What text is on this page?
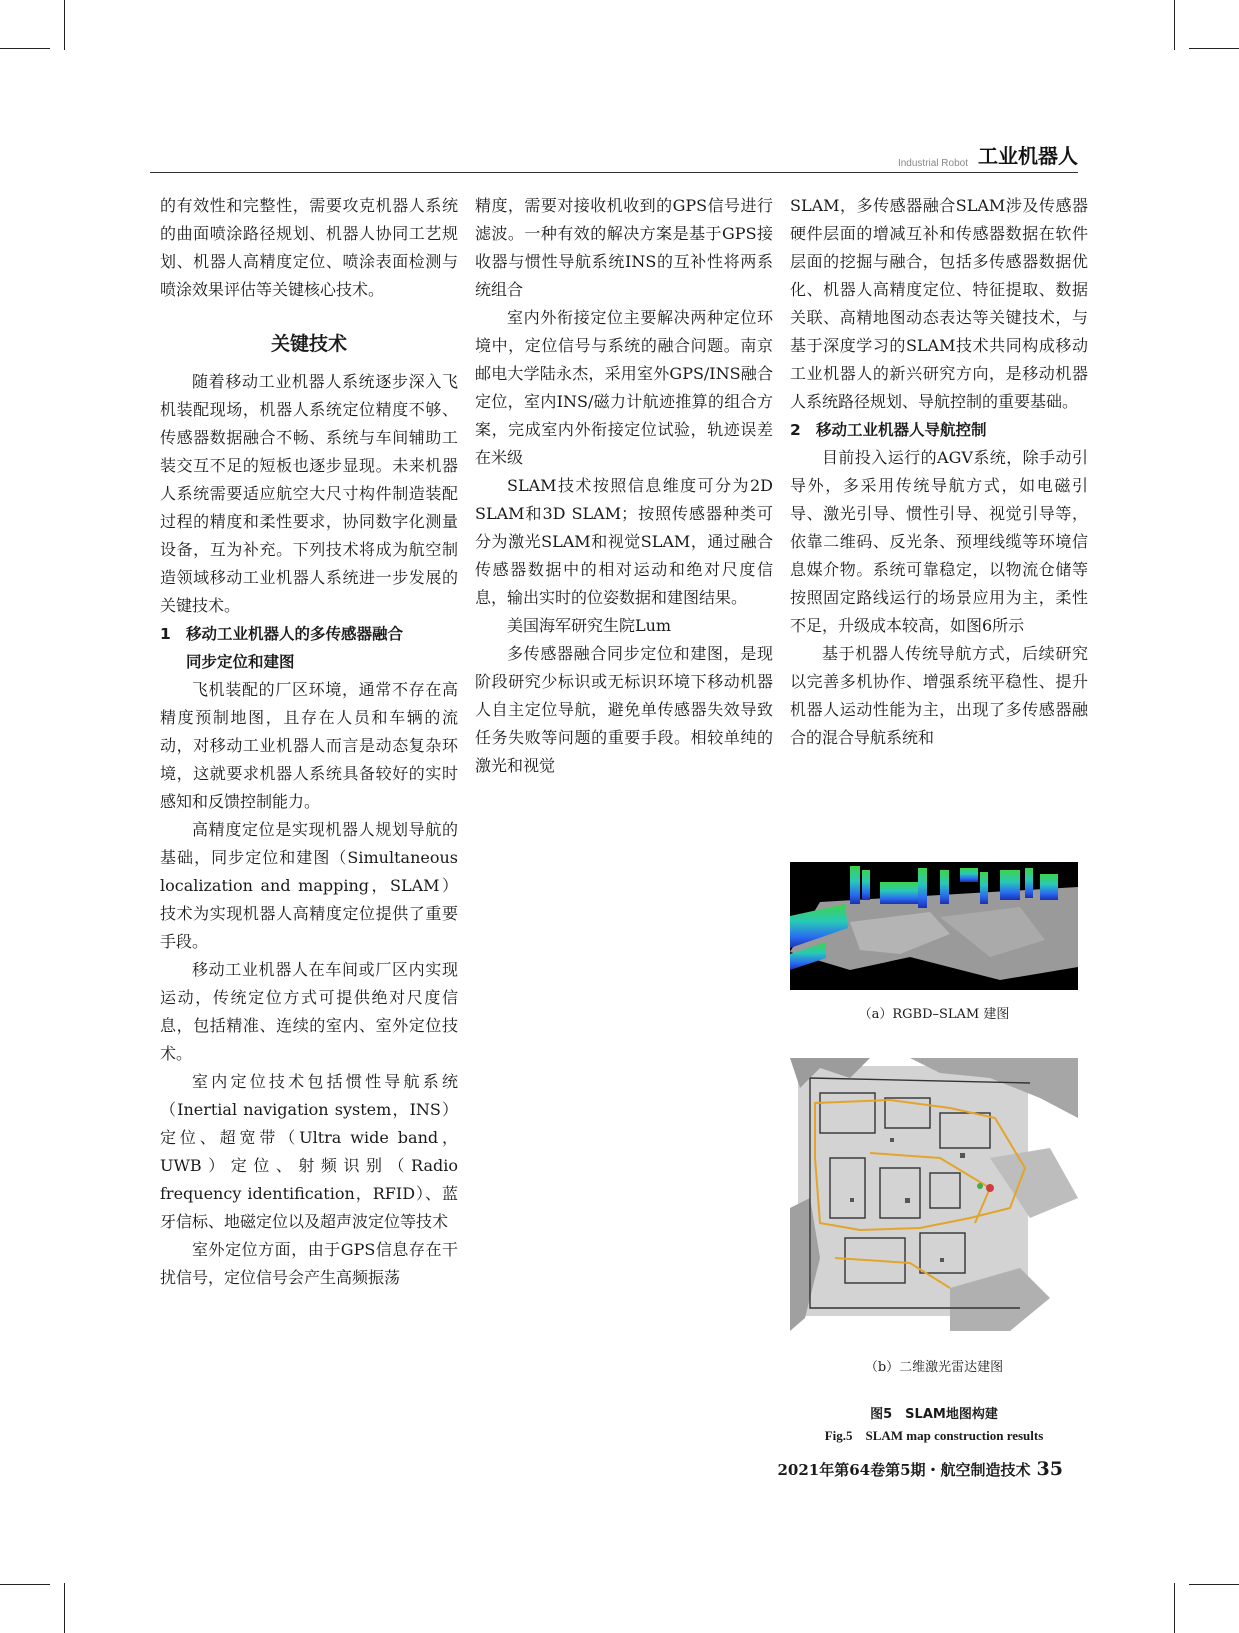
Industrial Robot 工业机器人

的有效性和完整性，需要攻克机器人系统的曲面喷涂路径规划、机器人协同工艺规划、机器人高精度定位、喷涂表面检测与喷涂效果评估等关键核心技术。

关键技术

随着移动工业机器人系统逐步深入飞机装配现场，机器人系统定位精度不够、传感器数据融合不畅、系统与车间辅助工装交互不足的短板也逐步显现。未来机器人系统需要适应航空大尺寸构件制造装配过程的精度和柔性要求，协同数字化测量设备，互为补充。下列技术将成为航空制造领域移动工业机器人系统进一步发展的关键技术。

1 移动工业机器人的多传感器融合
同步定位和建图

飞机装配的厂区环境，通常不存在高精度预制地图，且存在人员和车辆的流动，对移动工业机器人而言是动态复杂环境，这就要求机器人系统具备较好的实时感知和反馈控制能力。

高精度定位是实现机器人规划导航的基础，同步定位和建图（Simultaneous localization and mapping，SLAM）技术为实现机器人高精度定位提供了重要手段。

移动工业机器人在车间或厂区内实现运动，传统定位方式可提供绝对尺度信息，包括精准、连续的室内、室外定位技术。

室内定位技术包括惯性导航系统（Inertial navigation system，INS）定位、超宽带（Ultra wide band，UWB）定位、射频识别（Radio frequency identification，RFID）、蓝牙信标、地磁定位以及超声波定位等技术

室外定位方面，由于GPS信息存在干扰信号，定位信号会产生高频振荡

精度，需要对接收机收到的GPS信号进行滤波。一种有效的解决方案是基于GPS接收器与惯性导航系统INS的互补性将两系统组合

室内外衔接定位主要解决两种定位环境中，定位信号与系统的融合问题。南京邮电大学陆永杰，采用室外GPS/INS融合定位，室内INS/磁力计航迹推算的组合方案，完成室内外衔接定位试验，轨迹误差在米级

SLAM技术按照信息维度可分为2D SLAM和3D SLAM；按照传感器种类可分为激光SLAM和视觉SLAM，通过融合传感器数据中的相对运动和绝对尺度信息，输出实时的位姿数据和建图结果。

美国海军研究生院Lum

多传感器融合同步定位和建图，是现阶段研究少标识或无标识环境下移动机器人自主定位导航，避免单传感器失效导致任务失败等问题的重要手段。相较单纯的激光和视觉

SLAM，多传感器融合SLAM涉及传感器硬件层面的增减互补和传感器数据在软件层面的挖掘与融合，包括多传感器数据优化、机器人高精度定位、特征提取、数据关联、高精地图动态表达等关键技术，与基于深度学习的SLAM技术共同构成移动工业机器人的新兴研究方向，是移动机器人系统路径规划、导航控制的重要基础。

2 移动工业机器人导航控制

目前投入运行的AGV系统，除手动引导外，多采用传统导航方式，如电磁引导、激光引导、惯性引导、视觉引导等，依靠二维码、反光条、预埋线缆等环境信息媒介物。系统可靠稳定，以物流仓储等按照固定路线运行的场景应用为主，柔性不足，升级成本较高，如图6所示

基于机器人传统导航方式，后续研究以完善多机协作、增强系统平稳性、提升机器人运动性能为主，出现了多传感器融合的混合导航系统和

（a）RGBD–SLAM 建图
（b）二维激光雷达建图
图5　SLAM地图构建
Fig.5　SLAM map construction results
2021年第64卷第5期・航空制造技术 35
